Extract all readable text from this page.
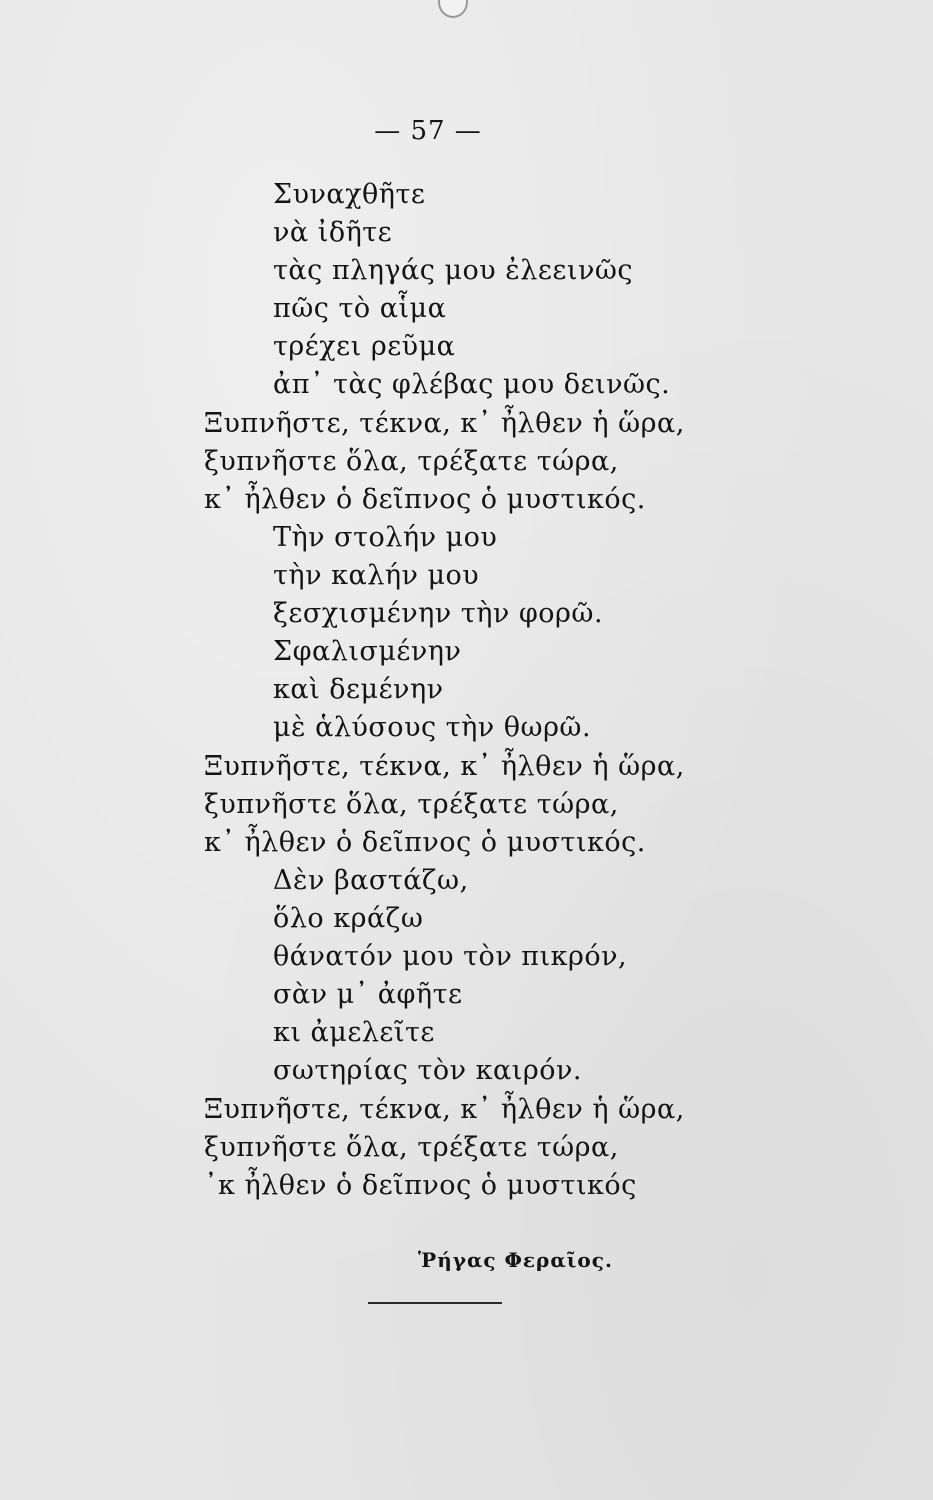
— 57 —
Συναχθῆτε
νὰ ἰδῆτε
τὰς πληγάς μου ἐλεεινῶς
πῶς τὸ αἷμα
τρέχει ρεῦμα
ἀπ᾽ τὰς φλέβας μου δεινῶς.
Ξυπνῆστε, τέκνα, κ᾽ ἦλθεν ἡ ὥρα,
ξυπνῆστε ὅλα, τρέξατε τώρα,
κ᾽ ἦλθεν ὁ δεῖπνος ὁ μυστικός.
Τὴν στολήν μου
τὴν καλήν μου
ξεσχισμένην τὴν φορῶ.
Σφαλισμένην
καὶ δεμένην
μὲ ἁλύσους τὴν θωρῶ.
Ξυπνῆστε, τέκνα, κ᾽ ἦλθεν ἡ ὥρα,
ξυπνῆστε ὅλα, τρέξατε τώρα,
κ᾽ ἦλθεν ὁ δεῖπνος ὁ μυστικός.
Δὲν βαστάζω,
ὅλο κράζω
θάνατόν μου τὸν πικρόν,
σὰν μ᾽ ἀφῆτε
κι ἀμελεῖτε
σωτηρίας τὸν καιρόν.
Ξυπνῆστε, τέκνα, κ᾽ ἦλθεν ἡ ὥρα,
ξυπνῆστε ὅλα, τρέξατε τώρα,
᾽κ ἦλθεν ὁ δεῖπνος ὁ μυστικός
Ῥήγας Φεραῖος.
